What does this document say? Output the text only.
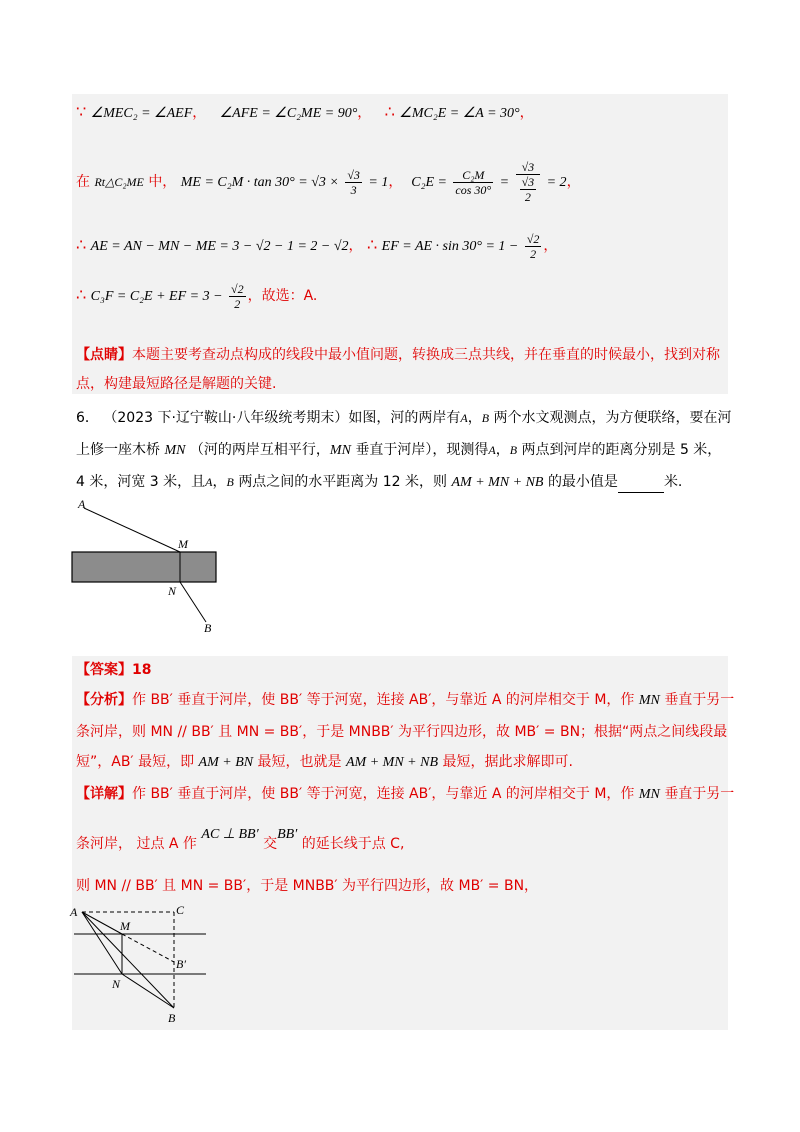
∵ ∠MEC₂ = ∠AEF， ∠AFE = ∠C₂ME = 90°， ∴ ∠MC₂E = ∠A = 30°，
在 Rt△C₂ME 中， ME = $C_2M \cdot \tan 30^\circ = √3 \times \frac{√3}{3} = 1$， $C_2E = \frac{\text{C₂M}}{\cos 30^\circ} = \frac{√3}{\frac{√3}{2}} = 2$，
∴ AE = AN − MN − ME = 3 − √2 − 1 = 2 − √2， ∴ EF = AE · $\sin 30^\circ = 1 - \frac{√2}{2}$ ，
∴ C₃F = C₂E + EF = $3 - \frac{√2}{2}$ ，故选：A.
【点睛】本题主要考查动点构成的线段中最小值问题，转换成三点共线，并在垂直的时候最小，找到对称
点，构建最短路径是解题的关键.
6． （2023 下·辽宁鞍山·八年级统考期末）如图，河的两岸有A，B 两个水文观测点，为方便联络，要在河
上修一座木桥 MN （河的两岸互相平行，MN 垂直于河岸），现测得A，B 两点到河岸的距离分别是 5 米，
4 米，河宽 3 米，且A，B 两点之间的水平距离为 12 米，则 AM + MN + NB 的最小值是	米.
A
M
N
B
【答案】18
【分析】作 BB′ 垂直于河岸，使 BB′ 等于河宽，连接 AB′，与靠近 A 的河岸相交于 M，作 MN 垂直于另一
条河岸，则 MN // BB′ 且 MN = BB′，于是 MNBB′ 为平行四边形，故 MB′ = BN；根据“两点之间线段最
短”，AB′ 最短，即 AM + BN 最短，也就是 AM + MN + NB 最短，据此求解即可.
【详解】作 BB′ 垂直于河岸，使 BB′ 等于河宽，连接 AB′，与靠近 A 的河岸相交于 M，作 MN 垂直于另一
条河岸， 过点 A 作 AC ⊥ BB′ 交BB′ 的延长线于点 C,
则 MN // BB′ 且 MN = BB′，于是 MNBB′ 为平行四边形，故 MB′ = BN，
A	C
M
B′
N
B
